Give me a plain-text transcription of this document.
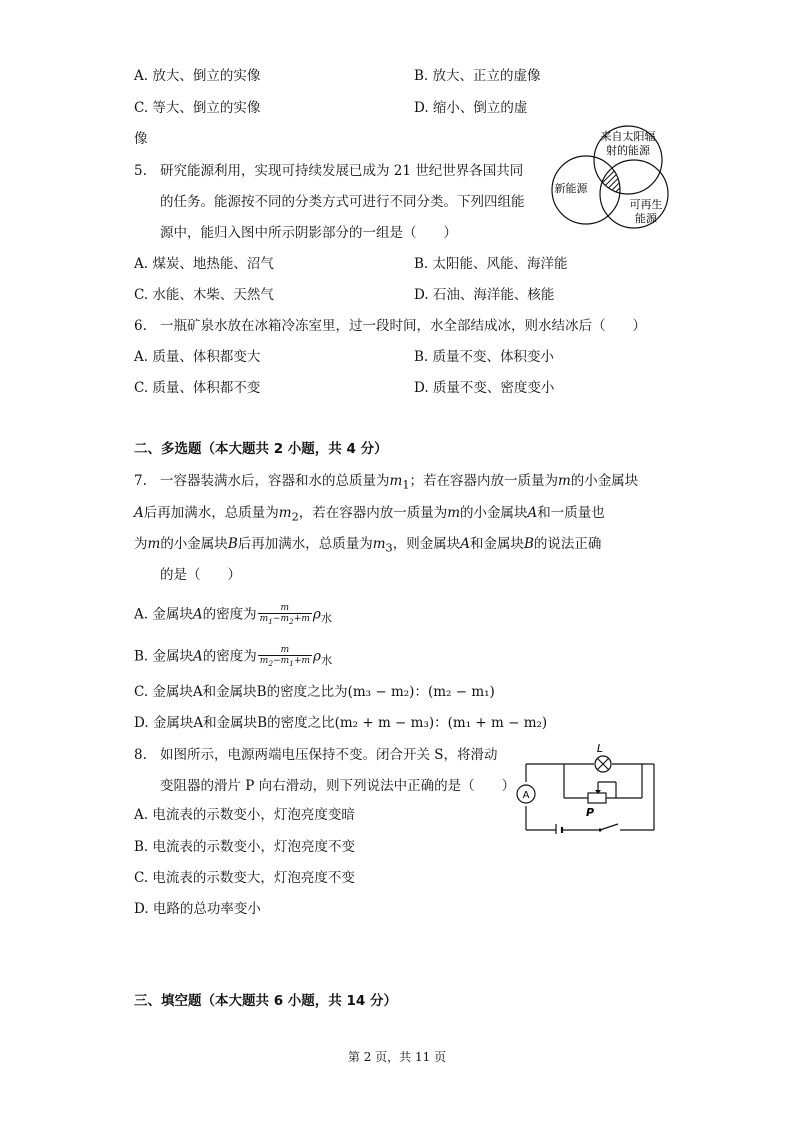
A. 放大、倒立的实像	B. 放大、正立的虚像
C. 等大、倒立的实像	D. 缩小、倒立的虚
像
5. 研究能源利用，实现可持续发展已成为 21 世纪世界各国共同
的任务。能源按不同的分类方式可进行不同分类。下列四组能
源中，能归入图中所示阴影部分的一组是（　　）
来自太阳辐
射的能源
新能源
可再生
能源
A. 煤炭、地热能、沼气	B. 太阳能、风能、海洋能
C. 水能、木柴、天然气	D. 石油、海洋能、核能
6. 一瓶矿泉水放在冰箱冷冻室里，过一段时间，水全部结成冰，则水结冰后（　　）
A. 质量、体积都变大	B. 质量不变、体积变小
C. 质量、体积都不变	D. 质量不变、密度变小
二、多选题（本大题共 2 小题，共 4 分）
7. 一容器装满水后，容器和水的总质量为$m_1$；若在容器内放一质量为m的小金属块
A后再加满水，总质量为$m_2$，若在容器内放一质量为m的小金属块A和一质量也
为m的小金属块B后再加满水，总质量为$m_3$，则金属块A和金属块B的说法正确
的是（　　）
A. 金属块A的密度为 $\frac{m}{m_1-m_2+m} \rho_水$
B. 金属块A的密度为 $\frac{m}{m_2-m_1+m} \rho_水$
C. 金属块A和金属块B的密度之比为(m₃ − m₂)：(m₂ − m₁)
D. 金属块A和金属块B的密度之比(m₂ + m − m₃)：(m₁ + m − m₂)
8. 如图所示，电源两端电压保持不变。闭合开关 S，将滑动
变阻器的滑片 P 向右滑动，则下列说法中正确的是（　　）
A
L
P
A. 电流表的示数变小，灯泡亮度变暗
B. 电流表的示数变小，灯泡亮度不变
C. 电流表的示数变大，灯泡亮度不变
D. 电路的总功率变小
三、填空题（本大题共 6 小题，共 14 分）
第 2 页，共 11 页
